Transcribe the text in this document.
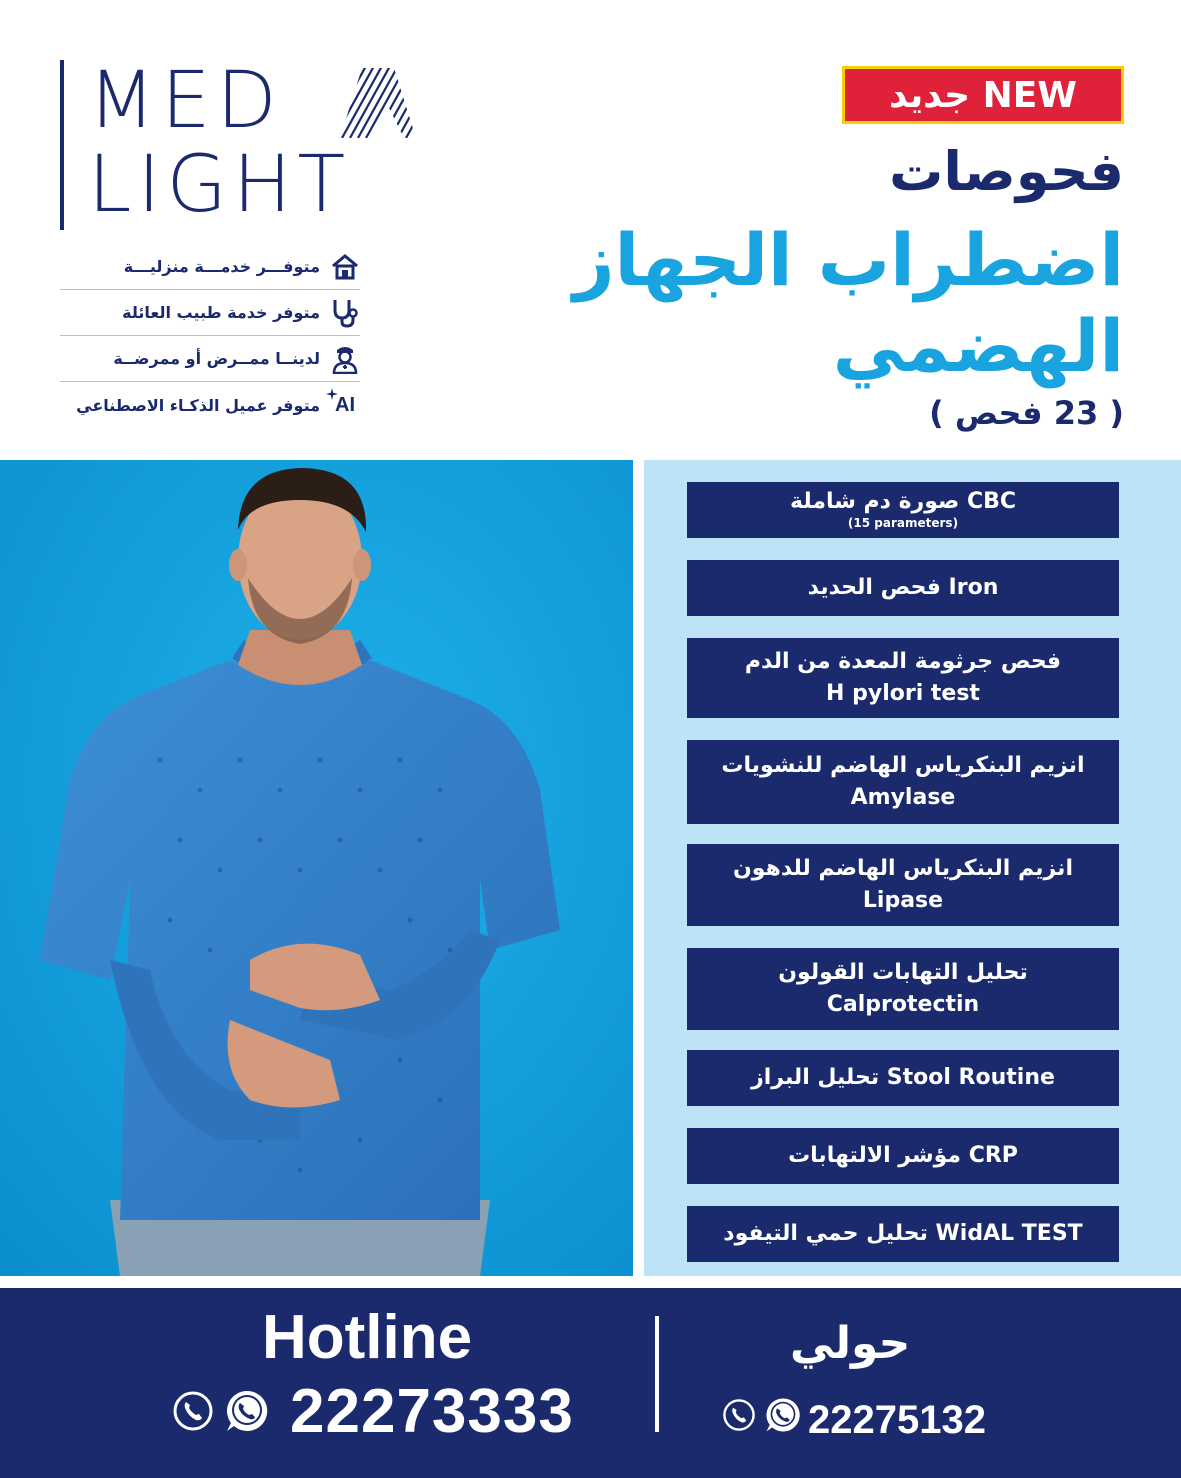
MED
LIGHT
متوفـــر خدمـــة منزليـــة
متوفر خدمة طبيب العائلة
لدينــا ممــرض أو ممرضــة
متوفر عميل الذكـاء الاصطناعي AI
جديد NEW
فحوصات
اضطراب الجهاز
الهضمي
( 23 فحص )
صورة دم شاملة CBC
(15 parameters)
فحص الحديد Iron
فحص جرثومة المعدة من الدم
H pylori test
انزيم البنكرياس الهاضم للنشويات
Amylase
انزيم البنكرياس الهاضم للدهون
Lipase
تحليل التهابات القولون
Calprotectin
تحليل البراز Stool Routine
مؤشر الالتهابات CRP
تحليل حمي التيفود WidAL TEST
Hotline
22273333
حولي
22275132
